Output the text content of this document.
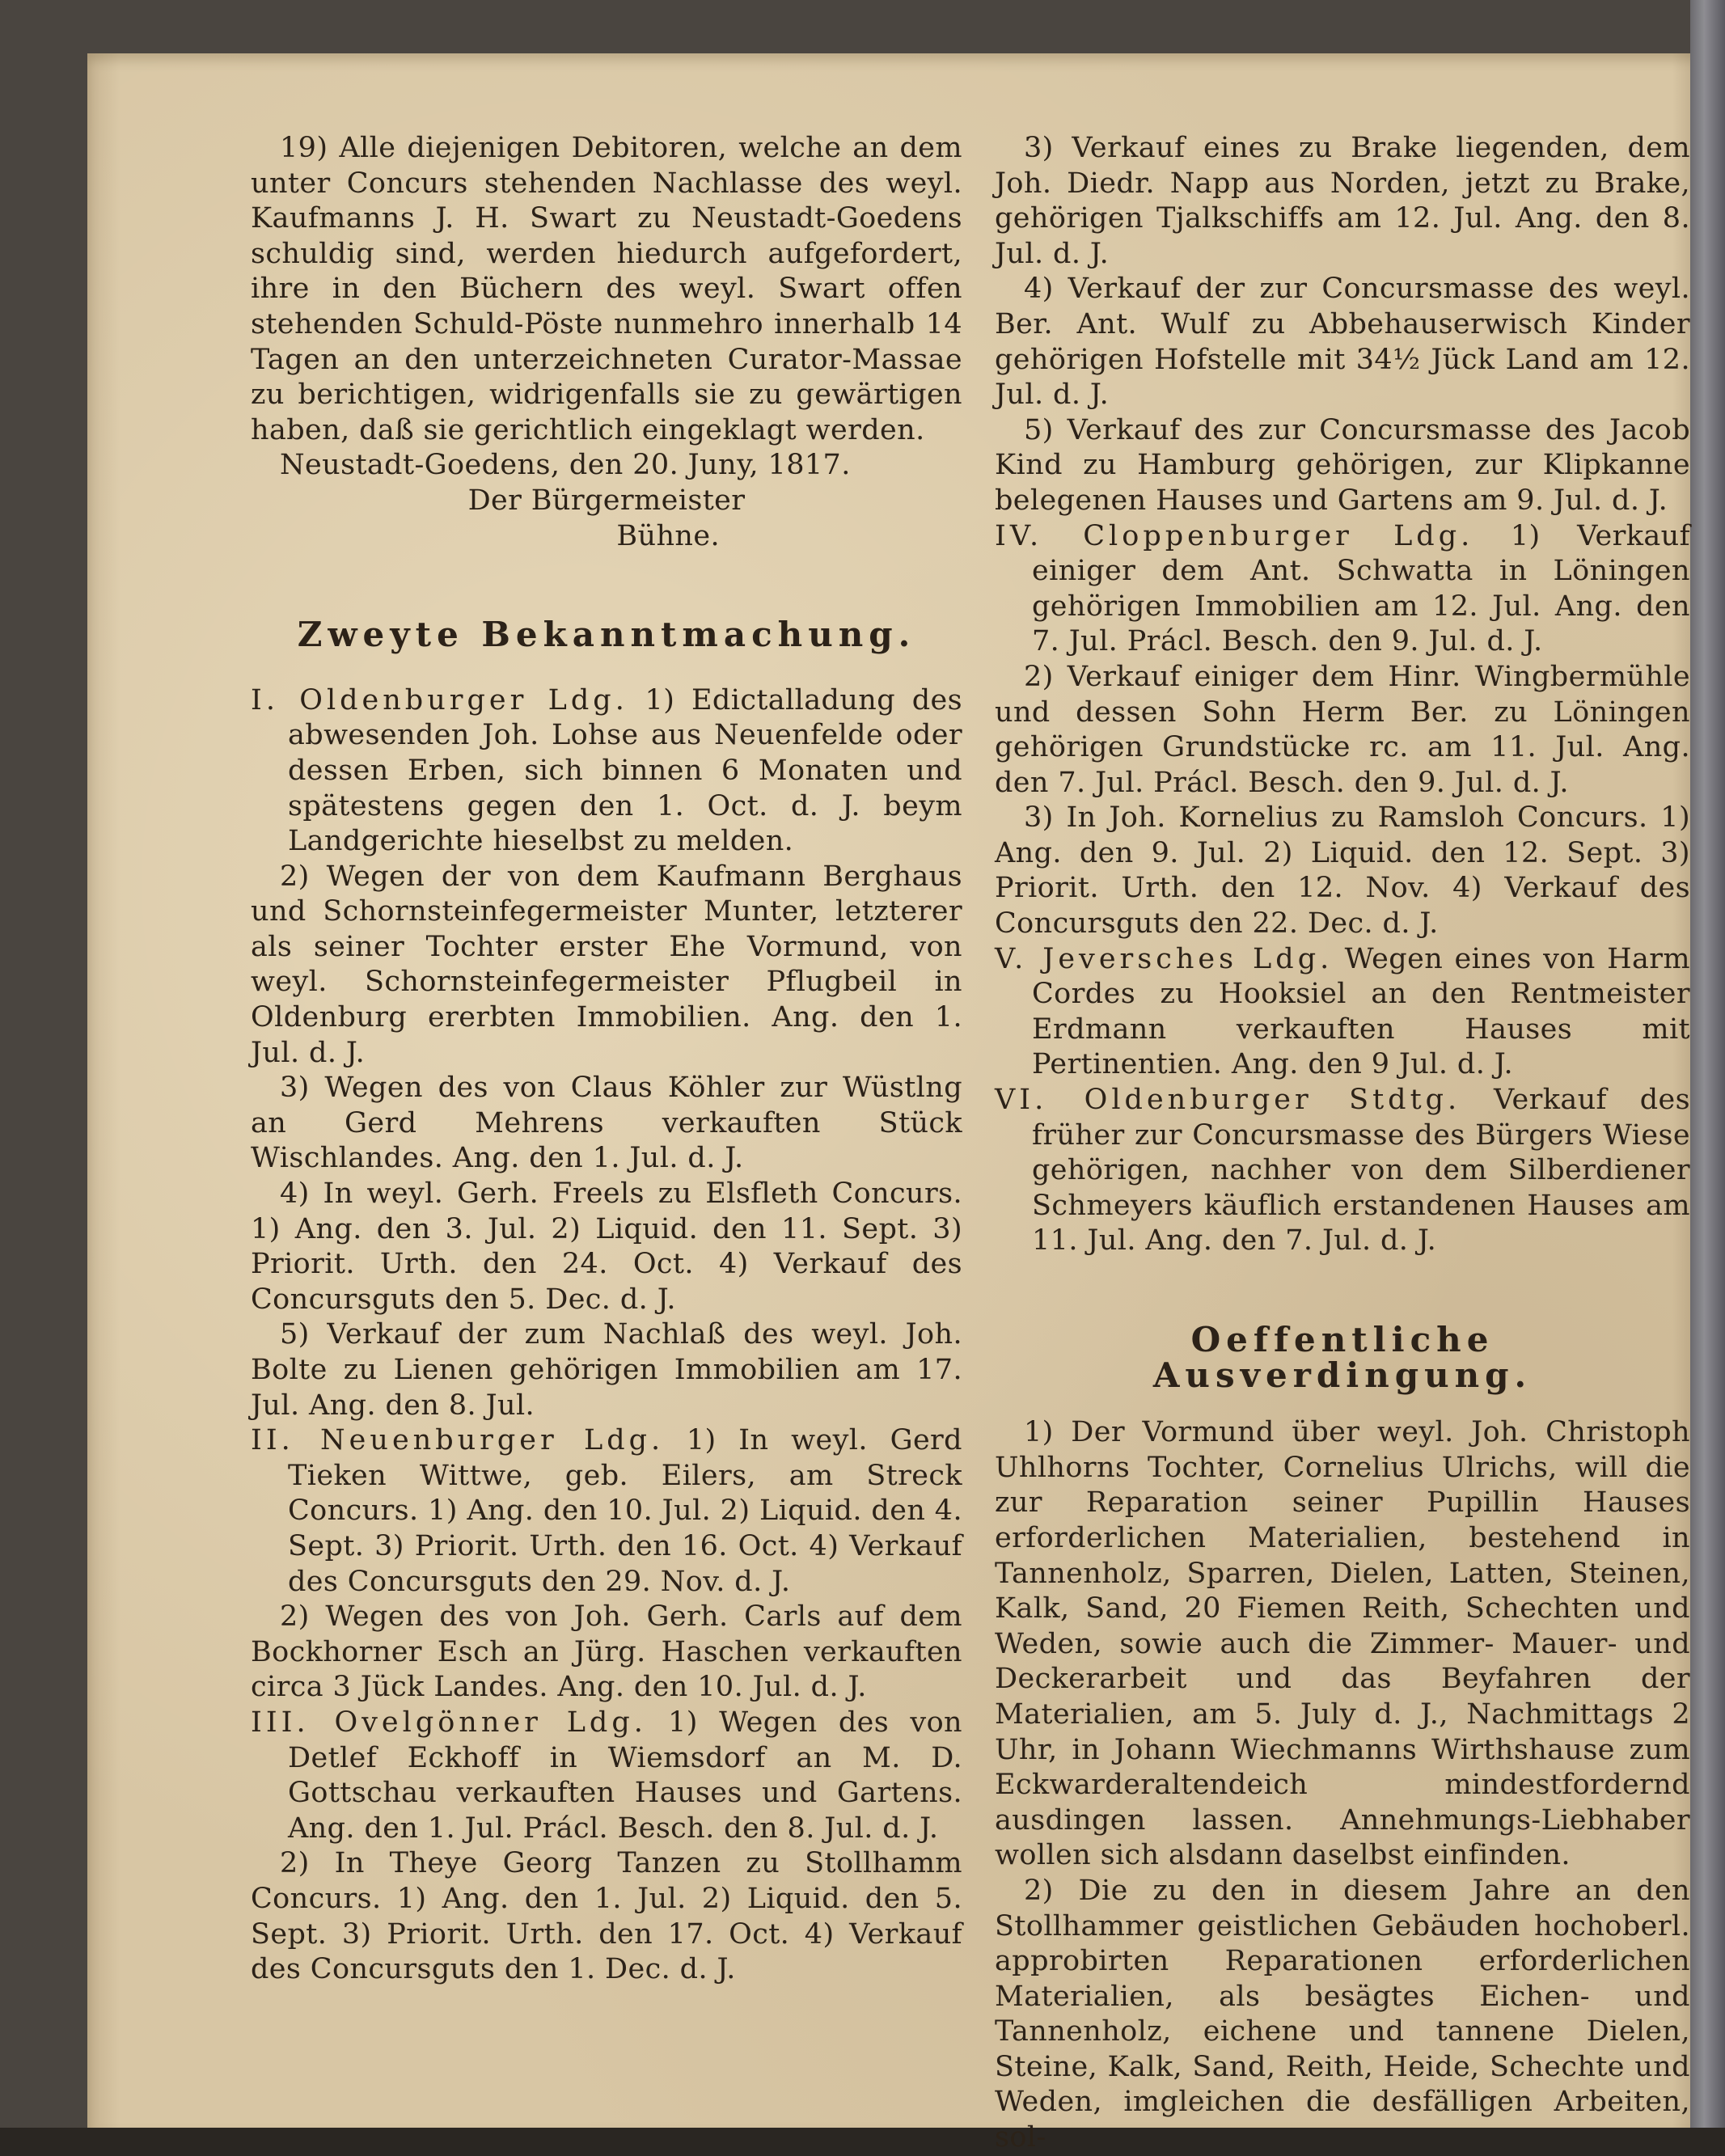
19) Alle diejenigen Debitoren, welche an dem unter Concurs stehenden Nachlasse des weyl. Kaufmanns J. H. Swart zu Neustadt-Goedens schuldig sind, werden hiedurch aufgefordert, ihre in den Büchern des weyl. Swart offen stehenden Schuld-Pöste nunmehro innerhalb 14 Tagen an den unterzeichneten Curator-Massae zu berichtigen, widrigenfalls sie zu gewärtigen haben, daß sie gerichtlich eingeklagt werden.

Neustadt-Goedens, den 20. Juny, 1817.

Der Bürgermeister

Bühne.

Zweyte Bekanntmachung.

I. Oldenburger Ldg. 1) Edictalladung des abwesenden Joh. Lohse aus Neuenfelde oder dessen Erben, sich binnen 6 Monaten und spätestens gegen den 1. Oct. d. J. beym Landgerichte hieselbst zu melden.

2) Wegen der von dem Kaufmann Berghaus und Schornsteinfegermeister Munter, letzterer als seiner Tochter erster Ehe Vormund, von weyl. Schornsteinfegermeister Pflugbeil in Oldenburg ererbten Immobilien. Ang. den 1. Jul. d. J.

3) Wegen des von Claus Köhler zur Wüstlng an Gerd Mehrens verkauften Stück Wischlandes. Ang. den 1. Jul. d. J.

4) In weyl. Gerh. Freels zu Elsfleth Concurs. 1) Ang. den 3. Jul. 2) Liquid. den 11. Sept. 3) Priorit. Urth. den 24. Oct. 4) Verkauf des Concursguts den 5. Dec. d. J.

5) Verkauf der zum Nachlaß des weyl. Joh. Bolte zu Lienen gehörigen Immobilien am 17. Jul. Ang. den 8. Jul.

II. Neuenburger Ldg. 1) In weyl. Gerd Tieken Wittwe, geb. Eilers, am Streck Concurs. 1) Ang. den 10. Jul. 2) Liquid. den 4. Sept. 3) Priorit. Urth. den 16. Oct. 4) Verkauf des Concursguts den 29. Nov. d. J.

2) Wegen des von Joh. Gerh. Carls auf dem Bockhorner Esch an Jürg. Haschen verkauften circa 3 Jück Landes. Ang. den 10. Jul. d. J.

III. Ovelgönner Ldg. 1) Wegen des von Detlef Eckhoff in Wiemsdorf an M. D. Gottschau verkauften Hauses und Gartens. Ang. den 1. Jul. Prácl. Besch. den 8. Jul. d. J.

2) In Theye Georg Tanzen zu Stollhamm Concurs. 1) Ang. den 1. Jul. 2) Liquid. den 5. Sept. 3) Priorit. Urth. den 17. Oct. 4) Verkauf des Concursguts den 1. Dec. d. J.

3) Verkauf eines zu Brake liegenden, dem Joh. Diedr. Napp aus Norden, jetzt zu Brake, gehörigen Tjalkschiffs am 12. Jul. Ang. den 8. Jul. d. J.

4) Verkauf der zur Concursmasse des weyl. Ber. Ant. Wulf zu Abbehauserwisch Kinder gehörigen Hofstelle mit 34½ Jück Land am 12. Jul. d. J.

5) Verkauf des zur Concursmasse des Jacob Kind zu Hamburg gehörigen, zur Klipkanne belegenen Hauses und Gartens am 9. Jul. d. J.

IV. Cloppenburger Ldg. 1) Verkauf einiger dem Ant. Schwatta in Löningen gehörigen Immobilien am 12. Jul. Ang. den 7. Jul. Prácl. Besch. den 9. Jul. d. J.

2) Verkauf einiger dem Hinr. Wingbermühle und dessen Sohn Herm Ber. zu Löningen gehörigen Grundstücke rc. am 11. Jul. Ang. den 7. Jul. Prácl. Besch. den 9. Jul. d. J.

3) In Joh. Kornelius zu Ramsloh Concurs. 1) Ang. den 9. Jul. 2) Liquid. den 12. Sept. 3) Priorit. Urth. den 12. Nov. 4) Verkauf des Concursguts den 22. Dec. d. J.

V. Jeversches Ldg. Wegen eines von Harm Cordes zu Hooksiel an den Rentmeister Erdmann verkauften Hauses mit Pertinentien. Ang. den 9 Jul. d. J.

VI. Oldenburger Stdtg. Verkauf des früher zur Concursmasse des Bürgers Wiese gehörigen, nachher von dem Silberdiener Schmeyers käuflich erstandenen Hauses am 11. Jul. Ang. den 7. Jul. d. J.

Oeffentliche Ausverdingung.

1) Der Vormund über weyl. Joh. Christoph Uhlhorns Tochter, Cornelius Ulrichs, will die zur Reparation seiner Pupillin Hauses erforderlichen Materialien, bestehend in Tannenholz, Sparren, Dielen, Latten, Steinen, Kalk, Sand, 20 Fiemen Reith, Schechten und Weden, sowie auch die Zimmer- Mauer- und Deckerarbeit und das Beyfahren der Materialien, am 5. July d. J., Nachmittags 2 Uhr, in Johann Wiechmanns Wirthshause zum Eckwarderaltendeich mindestfordernd ausdingen lassen. Annehmungs-Liebhaber wollen sich alsdann daselbst einfinden.

2) Die zu den in diesem Jahre an den Stollhammer geistlichen Gebäuden hochoberl. approbirten Reparationen erforderlichen Materialien, als besägtes Eichen- und Tannenholz, eichene und tannene Dielen, Steine, Kalk, Sand, Reith, Heide, Schechte und Weden, imgleichen die desfälligen Arbeiten, sol-
